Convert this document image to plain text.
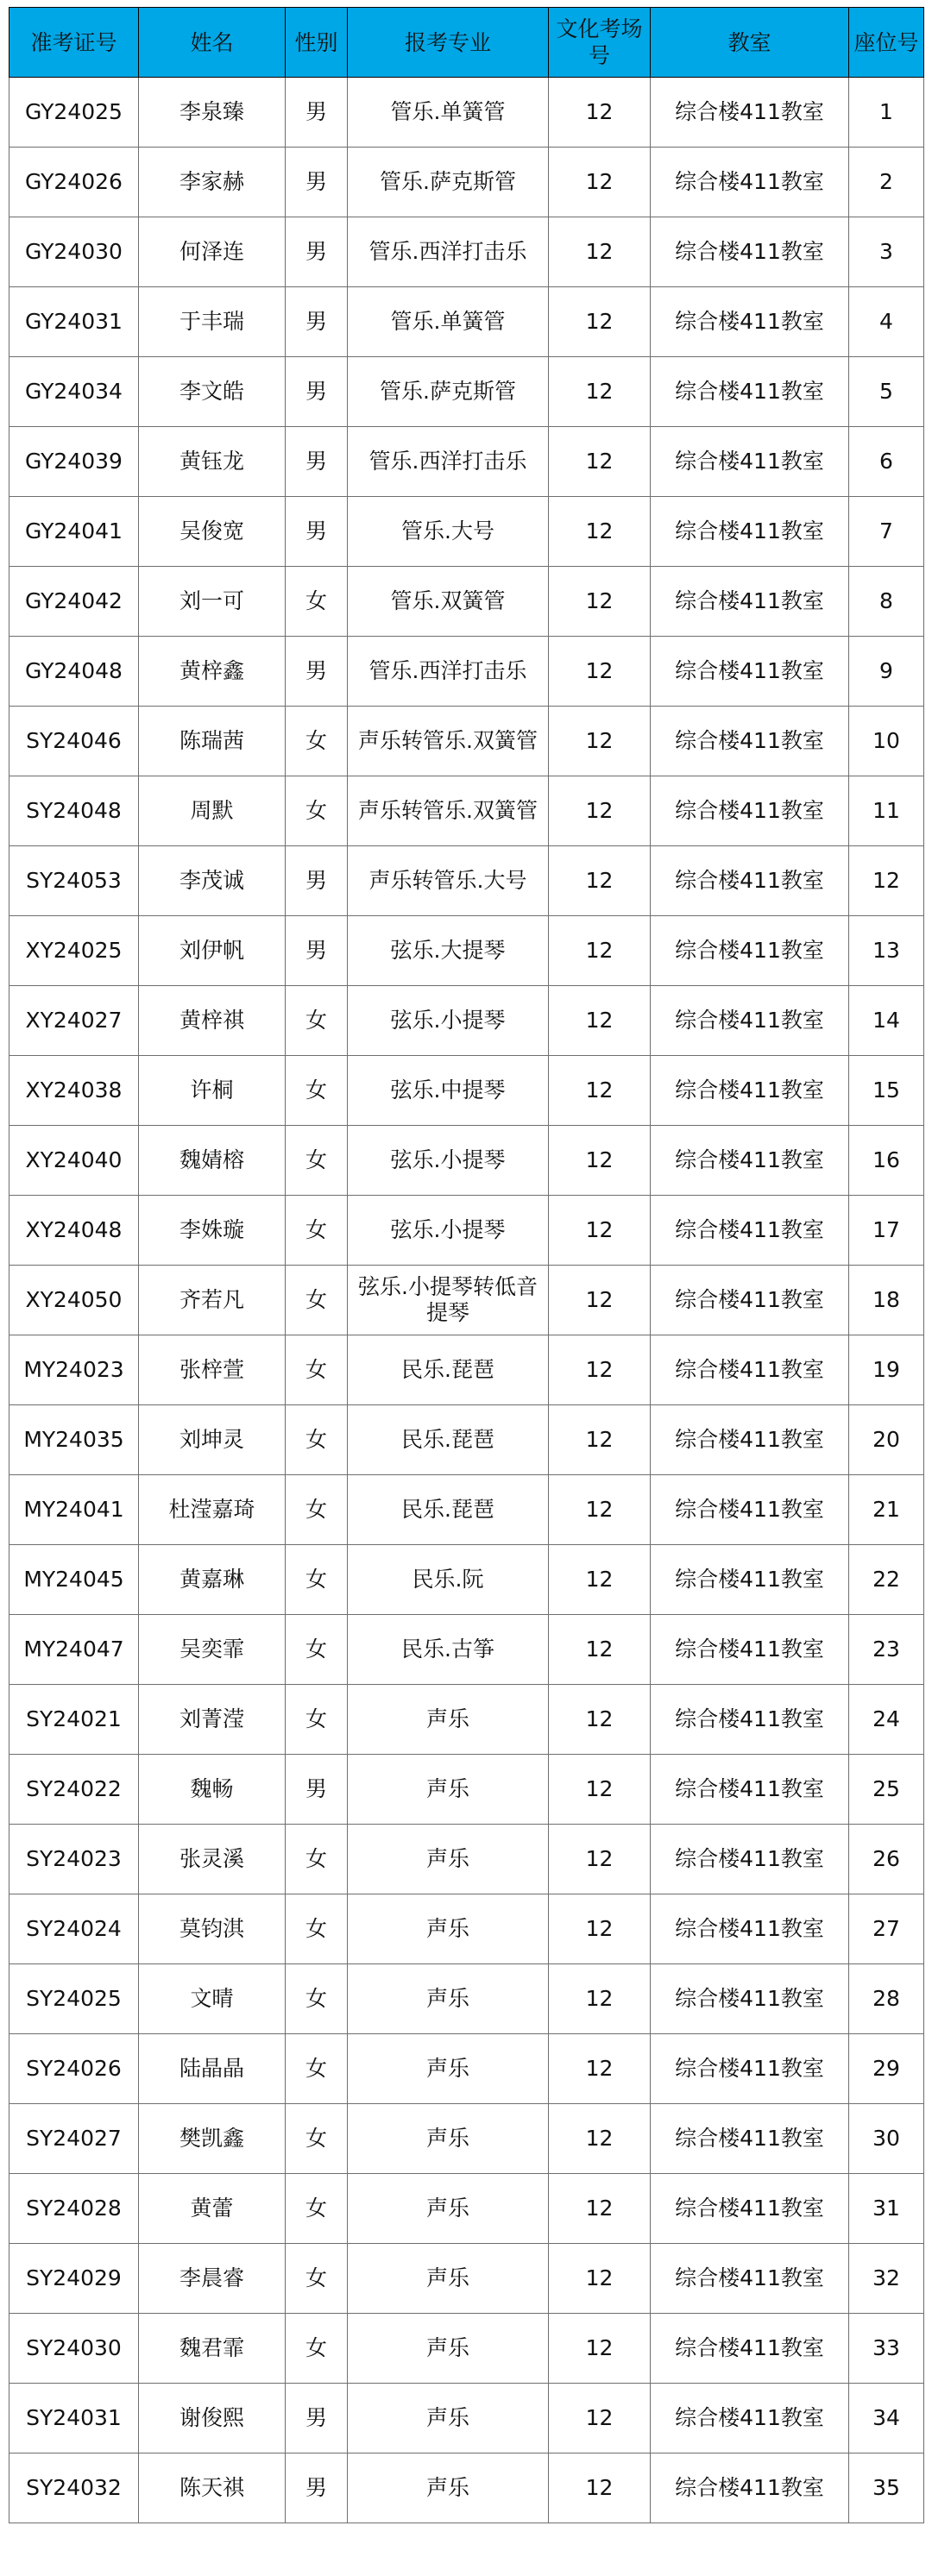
准考证号	姓名	性别	报考专业	文化考场号	教室	座位号
GY24025	李泉臻	男	管乐.单簧管	12	综合楼411教室	1
GY24026	李家赫	男	管乐.萨克斯管	12	综合楼411教室	2
GY24030	何泽连	男	管乐.西洋打击乐	12	综合楼411教室	3
GY24031	于丰瑞	男	管乐.单簧管	12	综合楼411教室	4
GY24034	李文皓	男	管乐.萨克斯管	12	综合楼411教室	5
GY24039	黄钰龙	男	管乐.西洋打击乐	12	综合楼411教室	6
GY24041	吴俊宽	男	管乐.大号	12	综合楼411教室	7
GY24042	刘一可	女	管乐.双簧管	12	综合楼411教室	8
GY24048	黄梓鑫	男	管乐.西洋打击乐	12	综合楼411教室	9
SY24046	陈瑞茜	女	声乐转管乐.双簧管	12	综合楼411教室	10
SY24048	周默	女	声乐转管乐.双簧管	12	综合楼411教室	11
SY24053	李茂诚	男	声乐转管乐.大号	12	综合楼411教室	12
XY24025	刘伊帆	男	弦乐.大提琴	12	综合楼411教室	13
XY24027	黄梓祺	女	弦乐.小提琴	12	综合楼411教室	14
XY24038	许桐	女	弦乐.中提琴	12	综合楼411教室	15
XY24040	魏婧榕	女	弦乐.小提琴	12	综合楼411教室	16
XY24048	李姝璇	女	弦乐.小提琴	12	综合楼411教室	17
XY24050	齐若凡	女	弦乐.小提琴转低音提琴	12	综合楼411教室	18
MY24023	张梓萱	女	民乐.琵琶	12	综合楼411教室	19
MY24035	刘坤灵	女	民乐.琵琶	12	综合楼411教室	20
MY24041	杜滢嘉琦	女	民乐.琵琶	12	综合楼411教室	21
MY24045	黄嘉琳	女	民乐.阮	12	综合楼411教室	22
MY24047	吴奕霏	女	民乐.古筝	12	综合楼411教室	23
SY24021	刘菁滢	女	声乐	12	综合楼411教室	24
SY24022	魏畅	男	声乐	12	综合楼411教室	25
SY24023	张灵溪	女	声乐	12	综合楼411教室	26
SY24024	莫钧淇	女	声乐	12	综合楼411教室	27
SY24025	文晴	女	声乐	12	综合楼411教室	28
SY24026	陆晶晶	女	声乐	12	综合楼411教室	29
SY24027	樊凯鑫	女	声乐	12	综合楼411教室	30
SY24028	黄蕾	女	声乐	12	综合楼411教室	31
SY24029	李晨睿	女	声乐	12	综合楼411教室	32
SY24030	魏君霏	女	声乐	12	综合楼411教室	33
SY24031	谢俊熙	男	声乐	12	综合楼411教室	34
SY24032	陈天祺	男	声乐	12	综合楼411教室	35
